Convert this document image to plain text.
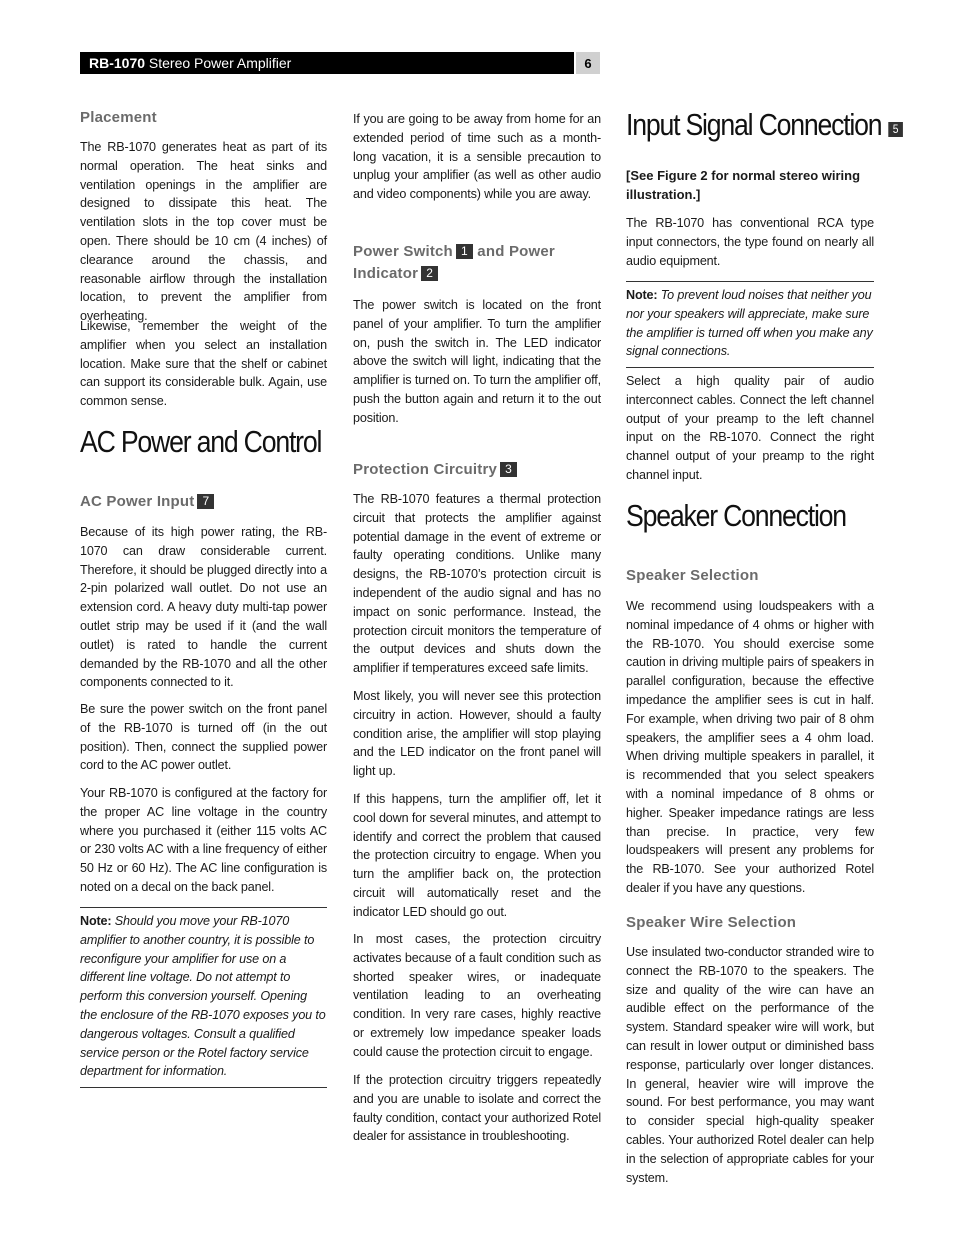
RB-1070 Stereo Power Amplifier	6
Placement

The RB-1070 generates heat as part of its normal operation. The heat sinks and ventilation openings in the amplifier are designed to dissipate this heat. The ventilation slots in the top cover must be open. There should be 10 cm (4 inches) of clearance around the chassis, and reasonable airflow through the installation location, to prevent the amplifier from overheating.

Likewise, remember the weight of the amplifier when you select an installation location. Make sure that the shelf or cabinet can support its considerable bulk. Again, use common sense.

AC Power and Control
AC Power Input 7

Because of its high power rating, the RB-1070 can draw considerable current. Therefore, it should be plugged directly into a 2-pin polarized wall outlet. Do not use an extension cord. A heavy duty multi-tap power outlet strip may be used if it (and the wall outlet) is rated to handle the current demanded by the RB-1070 and all the other components connected to it.

Be sure the power switch on the front panel of the RB-1070 is turned off (in the out position). Then, connect the supplied power cord to the AC power outlet.

Your RB-1070 is configured at the factory for the proper AC line voltage in the country where you purchased it (either 115 volts AC or 230 volts AC with a line frequency of either 50 Hz or 60 Hz). The AC line configuration is noted on a decal on the back panel.

Note: Should you move your RB-1070 amplifier to another country, it is possible to reconfigure your amplifier for use on a different line voltage. Do not attempt to perform this conversion yourself. Opening the enclosure of the RB-1070 exposes you to dangerous voltages. Consult a qualified service person or the Rotel factory service department for information.

If you are going to be away from home for an extended period of time such as a month-long vacation, it is a sensible precaution to unplug your amplifier (as well as other audio and video components) while you are away.

Power Switch 1 and Power Indicator 2

The power switch is located on the front panel of your amplifier. To turn the amplifier on, push the switch in. The LED indicator above the switch will light, indicating that the amplifier is turned on. To turn the amplifier off, push the button again and return it to the out position.

Protection Circuitry 3

The RB-1070 features a thermal protection circuit that protects the amplifier against potential damage in the event of extreme or faulty operating conditions. Unlike many designs, the RB-1070’s protection circuit is independent of the audio signal and has no impact on sonic performance. Instead, the protection circuit monitors the temperature of the output devices and shuts down the amplifier if temperatures exceed safe limits.

Most likely, you will never see this protection circuitry in action. However, should a faulty condition arise, the amplifier will stop playing and the LED indicator on the front panel will light up.

If this happens, turn the amplifier off, let it cool down for several minutes, and attempt to identify and correct the problem that caused the protection circuitry to engage. When you turn the amplifier back on, the protection circuit will automatically reset and the indicator LED should go out.

In most cases, the protection circuitry activates because of a fault condition such as shorted speaker wires, or inadequate ventilation leading to an overheating condition. In very rare cases, highly reactive or extremely low impedance speaker loads could cause the protection circuit to engage.

If the protection circuitry triggers repeatedly and you are unable to isolate and correct the faulty condition, contact your authorized Rotel dealer for assistance in troubleshooting.

Input Signal Connection 5

[See Figure 2 for normal stereo wiring illustration.]

The RB-1070 has conventional RCA type input connectors, the type found on nearly all audio equipment.

Note: To prevent loud noises that neither you nor your speakers will appreciate, make sure the amplifier is turned off when you make any signal connections.

Select a high quality pair of audio interconnect cables. Connect the left channel output of your preamp to the left channel input on the RB-1070. Connect the right channel output of your preamp to the right channel input.

Speaker Connection
Speaker Selection

We recommend using loudspeakers with a nominal impedance of 4 ohms or higher with the RB-1070. You should exercise some caution in driving multiple pairs of speakers in parallel configuration, because the effective impedance the amplifier sees is cut in half. For example, when driving two pair of 8 ohm speakers, the amplifier sees a 4 ohm load. When driving multiple speakers in parallel, it is recommended that you select speakers with a nominal impedance of 8 ohms or higher. Speaker impedance ratings are less than precise. In practice, very few loudspeakers will present any problems for the RB-1070. See your authorized Rotel dealer if you have any questions.

Speaker Wire Selection

Use insulated two-conductor stranded wire to connect the RB-1070 to the speakers. The size and quality of the wire can have an audible effect on the performance of the system. Standard speaker wire will work, but can result in lower output or diminished bass response, particularly over longer distances. In general, heavier wire will improve the sound. For best performance, you may want to consider special high-quality speaker cables. Your authorized Rotel dealer can help in the selection of appropriate cables for your system.
